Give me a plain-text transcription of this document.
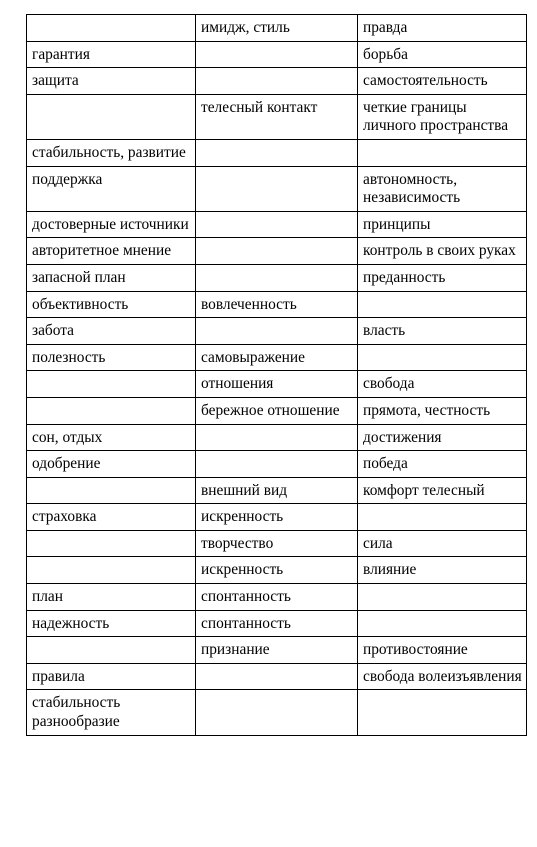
	имидж, стиль	правда
гарантия		борьба
защита		самостоятельность
	телесный контакт	четкие границы личного пространства
стабильность, развитие		
поддержка		автономность, независимость
достоверные источники		принципы
авторитетное мнение		контроль в своих руках
запасной план		преданность
объективность	вовлеченность	
забота		власть
полезность	самовыражение	
	отношения	свобода
	бережное отношение	прямота, честность
сон, отдых		достижения
одобрение		победа
	внешний вид	комфорт телесный
страховка	искренность	
	творчество	сила
	искренность	влияние
план	спонтанность	
надежность	спонтанность	
	признание	противостояние
правила		свобода волеизъявления
стабильность разнообразие		
